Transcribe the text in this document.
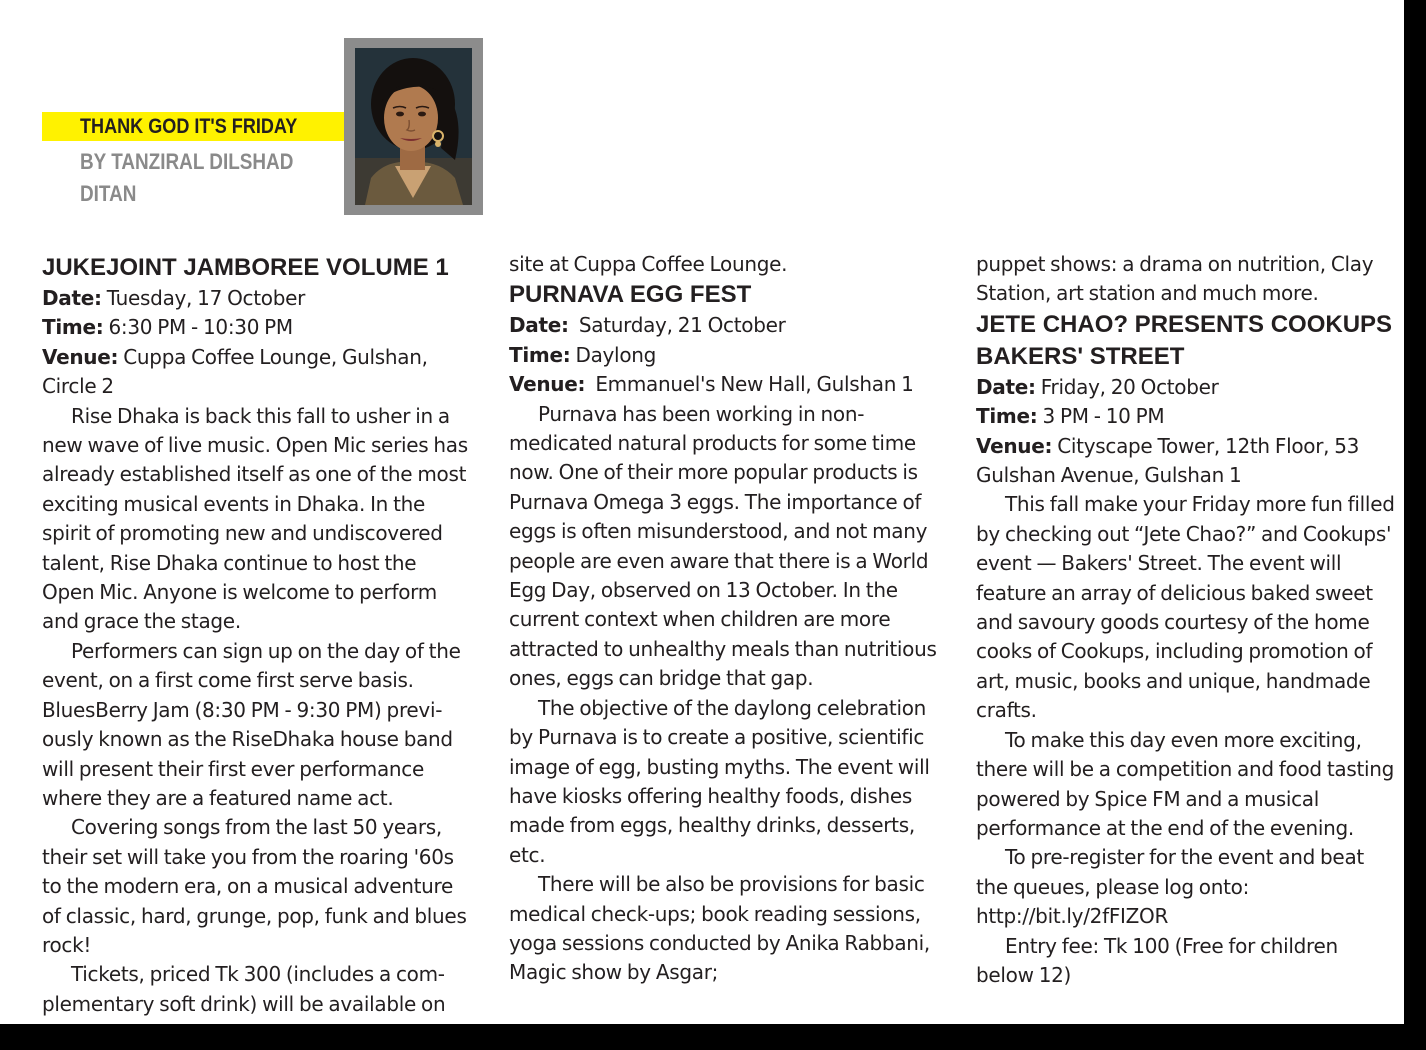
THANK GOD IT'S FRIDAY

BY TANZIRAL DILSHAD DITAN

JUKEJOINT JAMBOREE VOLUME 1

Date: Tuesday, 17 October

Time: 6:30 PM - 10:30 PM

Venue: Cuppa Coffee Lounge, Gulshan, Circle 2

Rise Dhaka is back this fall to usher in a new wave of live music. Open Mic series has already established itself as one of the most exciting musical events in Dhaka. In the spirit of promoting new and undiscovered talent, Rise Dhaka continue to host the Open Mic. Anyone is welcome to perform and grace the stage.

Performers can sign up on the day of the event, on a first come first serve basis. BluesBerry Jam (8:30 PM - 9:30 PM) previously known as the RiseDhaka house band will present their first ever performance where they are a featured name act.

Covering songs from the last 50 years, their set will take you from the roaring '60s to the modern era, on a musical adventure of classic, hard, grunge, pop, funk and blues rock!

Tickets, priced Tk 300 (includes a complementary soft drink) will be available on

site at Cuppa Coffee Lounge.

PURNAVA EGG FEST

Date:  Saturday, 21 October

Time: Daylong

Venue:  Emmanuel's New Hall, Gulshan 1

Purnava has been working in non-medicated natural products for some time now. One of their more popular products is Purnava Omega 3 eggs. The importance of eggs is often misunderstood, and not many people are even aware that there is a World Egg Day, observed on 13 October. In the current context when children are more attracted to unhealthy meals than nutritious ones, eggs can bridge that gap.

The objective of the daylong celebration by Purnava is to create a positive, scientific image of egg, busting myths. The event will have kiosks offering healthy foods, dishes made from eggs, healthy drinks, desserts, etc.

There will be also be provisions for basic medical check-ups; book reading sessions, yoga sessions conducted by Anika Rabbani, Magic show by Asgar;

puppet shows: a drama on nutrition, Clay Station, art station and much more.

JETE CHAO? PRESENTS COOKUPS BAKERS' STREET

Date: Friday, 20 October

Time: 3 PM - 10 PM

Venue: Cityscape Tower, 12th Floor, 53 Gulshan Avenue, Gulshan 1

This fall make your Friday more fun filled by checking out “Jete Chao?” and Cookups' event — Bakers' Street. The event will feature an array of delicious baked sweet and savoury goods courtesy of the home cooks of Cookups, including promotion of art, music, books and unique, handmade crafts.

To make this day even more exciting, there will be a competition and food tasting powered by Spice FM and a musical performance at the end of the evening.

To pre-register for the event and beat the queues, please log onto: http://bit.ly/2fFIZOR

Entry fee: Tk 100 (Free for children below 12)
